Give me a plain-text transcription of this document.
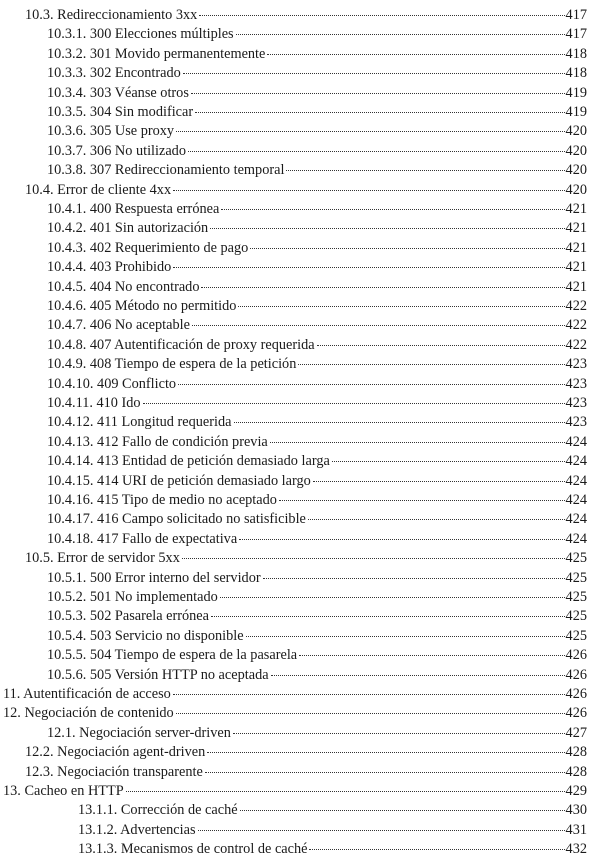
10.3. Redireccionamiento 3xx	417
10.3.1. 300 Elecciones múltiples	417
10.3.2. 301 Movido permanentemente	418
10.3.3. 302 Encontrado	418
10.3.4. 303 Véanse otros	419
10.3.5. 304 Sin modificar	419
10.3.6. 305 Use proxy	420
10.3.7. 306 No utilizado	420
10.3.8. 307 Redireccionamiento temporal	420
10.4. Error de cliente 4xx	420
10.4.1. 400 Respuesta errónea	421
10.4.2. 401 Sin autorización	421
10.4.3. 402 Requerimiento de pago	421
10.4.4. 403 Prohibido	421
10.4.5. 404 No encontrado	421
10.4.6. 405 Método no permitido	422
10.4.7. 406 No aceptable	422
10.4.8. 407 Autentificación de proxy requerida	422
10.4.9. 408 Tiempo de espera de la petición	423
10.4.10. 409 Conflicto	423
10.4.11. 410 Ido	423
10.4.12. 411 Longitud requerida	423
10.4.13. 412 Fallo de condición previa	424
10.4.14. 413 Entidad de petición demasiado larga	424
10.4.15. 414 URI de petición demasiado largo	424
10.4.16. 415 Tipo de medio no aceptado	424
10.4.17. 416 Campo solicitado no satisficible	424
10.4.18. 417 Fallo de expectativa	424
10.5. Error de servidor 5xx	425
10.5.1. 500 Error interno del servidor	425
10.5.2. 501 No implementado	425
10.5.3. 502 Pasarela errónea	425
10.5.4. 503 Servicio no disponible	425
10.5.5. 504 Tiempo de espera de la pasarela	426
10.5.6. 505 Versión HTTP no aceptada	426
11. Autentificación de acceso	426
12. Negociación de contenido	426
12.1. Negociación server-driven	427
12.2. Negociación agent-driven	428
12.3. Negociación transparente	428
13. Cacheo en HTTP	429
13.1.1. Corrección de caché	430
13.1.2. Advertencias	431
13.1.3. Mecanismos de control de caché	432
